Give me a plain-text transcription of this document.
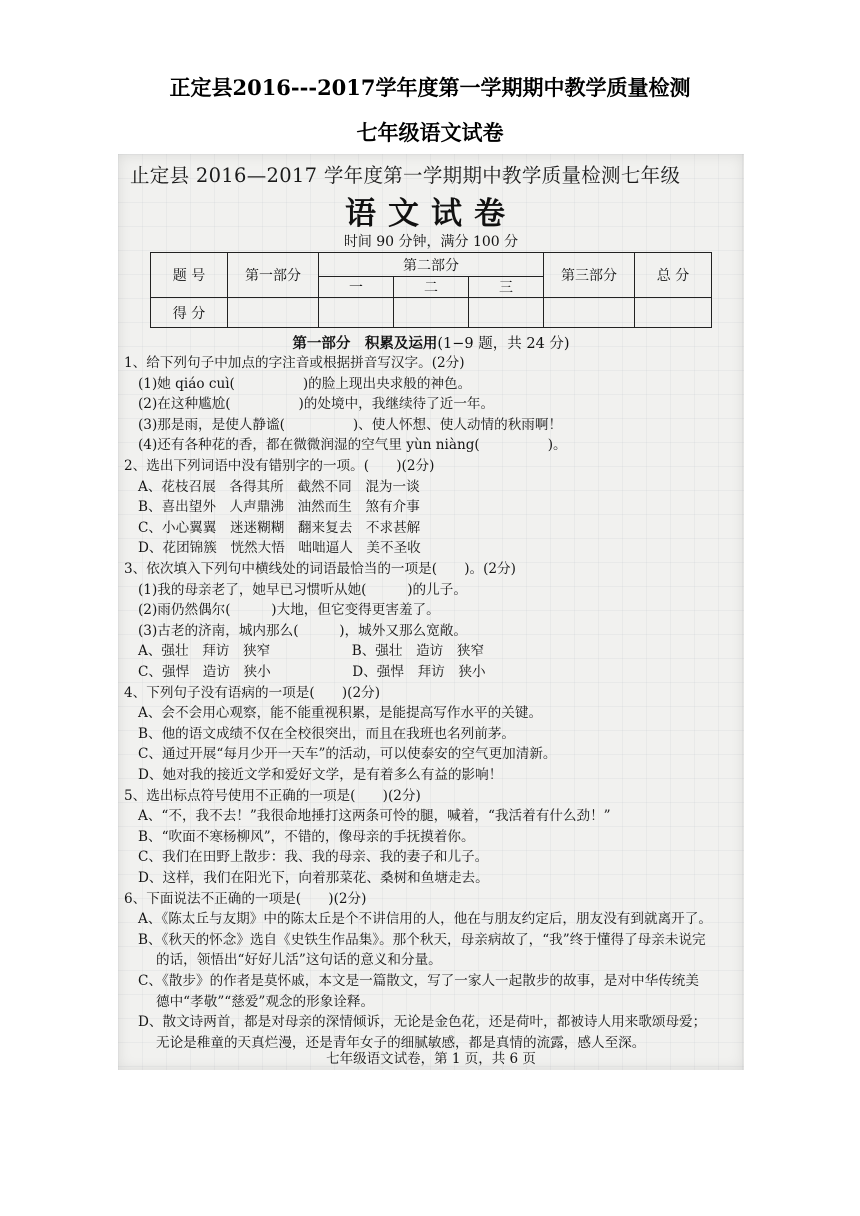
正定县2016---2017学年度第一学期期中教学质量检测
七年级语文试卷
止定县 2016—2017 学年度第一学期期中教学质量检测七年级
语文试卷
时间 90 分钟，满分 100 分
题 号	第一部分	第二部分			第三部分	总 分
		一	二	三		
得 分						
第一部分　积累及运用(1−9 题，共 24 分)
1、给下列句子中加点的字注音或根据拼音写汉字。(2分)
(1)她 qiáo cuì(　　　　　)的脸上现出央求般的神色。
(2)在这种尴尬(　　　　　)的处境中，我继续待了近一年。
(3)那是雨，是使人静谧(　　　　　)、使人怀想、使人动情的秋雨啊！
(4)还有各种花的香，都在微微润湿的空气里 yùn niàng(　　　　　)。
2、选出下列词语中没有错别字的一项。(　　)(2分)
A、花枝召展　各得其所　截然不同　混为一谈
B、喜出望外　人声鼎沸　油然而生　煞有介事
C、小心翼翼　迷迷糊糊　翻来复去　不求甚解
D、花团锦簇　恍然大悟　咄咄逼人　美不圣收
3、依次填入下列句中横线处的词语最恰当的一项是(　　)。(2分)
(1)我的母亲老了，她早已习惯听从她(　　　)的儿子。
(2)雨仍然偶尔(　　　)大地，但它变得更害羞了。
(3)古老的济南，城内那么(　　　)，城外又那么宽敞。
A、强壮　拜访　狭窄　　　　　　B、强壮　造访　狭窄
C、强悍　造访　狭小　　　　　　D、强悍　拜访　狭小
4、下列句子没有语病的一项是(　　)(2分)
A、会不会用心观察，能不能重视积累，是能提高写作水平的关键。
B、他的语文成绩不仅在全校很突出，而且在我班也名列前茅。
C、通过开展“每月少开一天车”的活动，可以使泰安的空气更加清新。
D、她对我的接近文学和爱好文学，是有着多么有益的影响！
5、选出标点符号使用不正确的一项是(　　)(2分)
A、“不，我不去！”我很命地捶打这两条可怜的腿，喊着，“我活着有什么劲！”
B、“吹面不寒杨柳风”，不错的，像母亲的手抚摸着你。
C、我们在田野上散步：我、我的母亲、我的妻子和儿子。
D、这样，我们在阳光下，向着那菜花、桑树和鱼塘走去。
6、下面说法不正确的一项是(　　)(2分)
A、《陈太丘与友期》中的陈太丘是个不讲信用的人，他在与朋友约定后，朋友没有到就离开了。
B、《秋天的怀念》选自《史铁生作品集》。那个秋天，母亲病故了，“我”终于懂得了母亲未说完
的话，领悟出“好好儿活”这句话的意义和分量。
C、《散步》的作者是莫怀戚，本文是一篇散文，写了一家人一起散步的故事，是对中华传统美
德中“孝敬”“慈爱”观念的形象诠释。
D、散文诗两首，都是对母亲的深情倾诉，无论是金色花，还是荷叶，都被诗人用来歌颂母爱；
无论是稚童的天真烂漫，还是青年女子的细腻敏感，都是真情的流露，感人至深。
七年级语文试卷，第 1 页，共 6 页
